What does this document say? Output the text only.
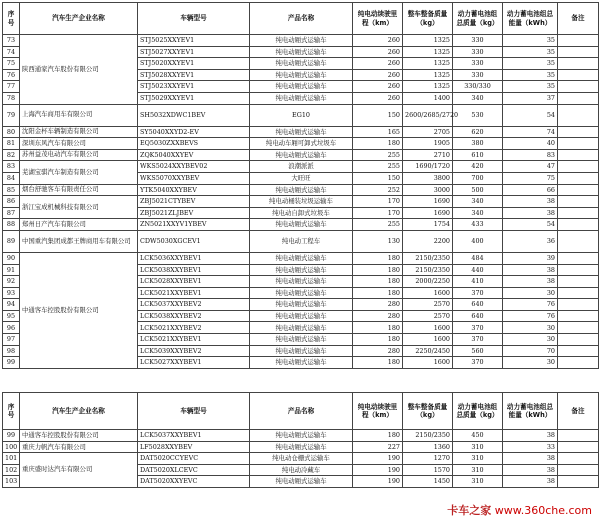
序号	汽车生产企业名称	车辆型号	产品名称	纯电动续驶里程（km）	整车整备质量（kg）	动力蓄电池组总质量（kg）	动力蓄电池组总能量（kWh）	备注
73	陕西通家汽车股份有限公司	STJ5025XXYEV1	纯电动厢式运输车	260	1325	330	35	
74		STJ5027XXYEV1	纯电动厢式运输车	260	1325	330	35	
75		STJ5020XXYEV1	纯电动厢式运输车	260	1325	330	35	
76		STJ5028XXYEV1	纯电动厢式运输车	260	1325	330	35	
77		STJ5023XXYEV1	纯电动厢式运输车	260	1325	330/330	35	
78		STJ5029XXYEV1	纯电动厢式运输车	260	1400	340	37	
79	上海汽车商用车有限公司	SH5032XDWC1BEV	EG10	150	2600/2685/2720	530	54	
80	沈阳金杯车辆制造有限公司	SY5040XXYD2-EV	纯电动厢式运输车	165	2705	620	74	
81	深圳东风汽车有限公司	EQ5030ZXXBEVS	纯电动车厢可卸式垃圾车	180	1905	380	40	
82	苏州益茂电动汽车有限公司	ZQK5040XXYEV	纯电动厢式运输车	255	2710	610	83	
83	芜湖宝骐汽车制造有限公司	WKS5024XXYBEV02	浪潮派派	255	1690/1720	420	47	
84		WKS5070XXYBEV	大旺旺	150	3800	700	75	
85	烟台舒驰客车有限责任公司	YTK5040XXYBEV	纯电动厢式运输车	252	3000	500	66	
86	浙江宝成机械科技有限公司	ZBJ5021CTYBEV	纯电动桶装垃圾运输车	170	1690	340	38	
87		ZBJ5021ZLJBEV	纯电动自卸式垃圾车	170	1690	340	38	
88	郑州日产汽车有限公司	ZN5021XXYV1YBEV	纯电动厢式运输车	255	1754	433	54	
89	中国重汽集团成都王牌商用车有限公司	CDW5030XGCEV1	纯电动工程车	130	2200	400	36	
90	中通客车控股股份有限公司	LCK5036XXYBEV1	纯电动厢式运输车	180	2150/2350	484	39	
91		LCK5038XXYBEV1	纯电动厢式运输车	180	2150/2350	440	38	
92		LCK5028XXYBEV1	纯电动厢式运输车	180	2000/2250	410	38	
93		LCK5021XXYBEV1	纯电动厢式运输车	180	1600	370	30	
94		LCK5037XXYBEV2	纯电动厢式运输车	280	2570	640	76	
95		LCK5038XXYBEV2	纯电动厢式运输车	280	2570	640	76	
96		LCK5021XXYBEV2	纯电动厢式运输车	180	1600	370	30	
97		LCK5021XXYBEV1	纯电动厢式运输车	180	1600	370	30	
98		LCK5039XXYBEV2	纯电动厢式运输车	280	2250/2450	560	70	
99		LCK5027XXYBEV1	纯电动厢式运输车	180	1600	370	30	
序号	汽车生产企业名称	车辆型号	产品名称	纯电动续驶里程（km）	整车整备质量（kg）	动力蓄电池组总质量（kg）	动力蓄电池组总能量（kWh）	备注
99	中通客车控股股份有限公司	LCK5037XXYBEV1	纯电动厢式运输车	180	2150/2350	450	38	
100	重庆力帆汽车有限公司	LF5028XXYBEV	纯电动厢式运输车	227	1360	310	33	
101	重庆盛时达汽车有限公司	DAT5020CCYEVC	纯电动仓栅式运输车	190	1270	310	38	
102		DAT5020XLCEVC	纯电动冷藏车	190	1570	310	38	
103		DAT5020XXYEVC	纯电动厢式运输车	190	1450	310	38	
卡车之家 www.360che.com
